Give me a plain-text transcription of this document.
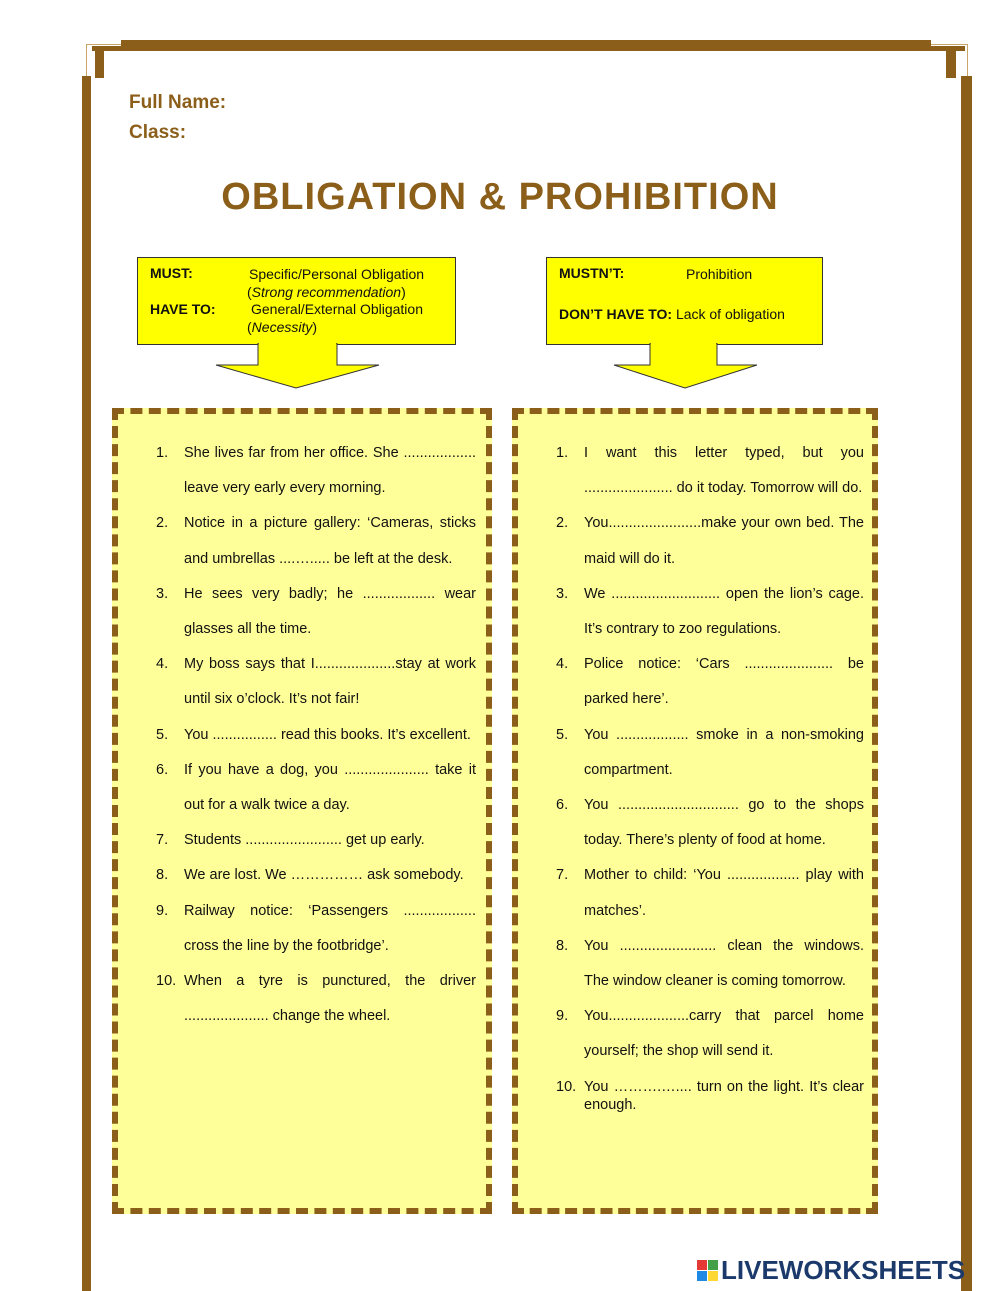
Full Name:
Class:
OBLIGATION & PROHIBITION
MUST:	Specific/Personal Obligation
(Strong recommendation)
HAVE TO:	General/External Obligation
(Necessity)
MUSTN’T:	Prohibition
DON’T HAVE TO: Lack of obligation
1. She lives far from her office. She .................. leave very early every morning.
2. Notice in a picture gallery: ‘Cameras, sticks and umbrellas ....…..... be left at the desk.
3. He sees very badly; he .................. wear glasses all the time.
4. My boss says that I....................stay at work until six o’clock. It’s not fair!
5. You ................ read this books. It’s excellent.
6. If you have a dog, you ..................... take it out for a walk twice a day.
7. Students ........................ get up early.
8. We are lost. We …………… ask somebody.
9. Railway notice: ‘Passengers .................. cross the line by the footbridge’.
10. When a tyre is punctured, the driver ..................... change the wheel.
1. I want this letter typed, but you ...................... do it today. Tomorrow will do.
2. You.......................make your own bed. The maid will do it.
3. We ........................... open the lion’s cage. It’s contrary to zoo regulations.
4. Police notice: ‘Cars ...................... be parked here’.
5. You .................. smoke in a non-smoking compartment.
6. You .............................. go to the shops today. There’s plenty of food at home.
7. Mother to child: ‘You .................. play with matches’.
8. You ........................ clean the windows. The window cleaner is coming tomorrow.
9. You....................carry that parcel home yourself; the shop will send it.
10. You ……….….... turn on the light. It’s clear enough.
LIVEWORKSHEETS
